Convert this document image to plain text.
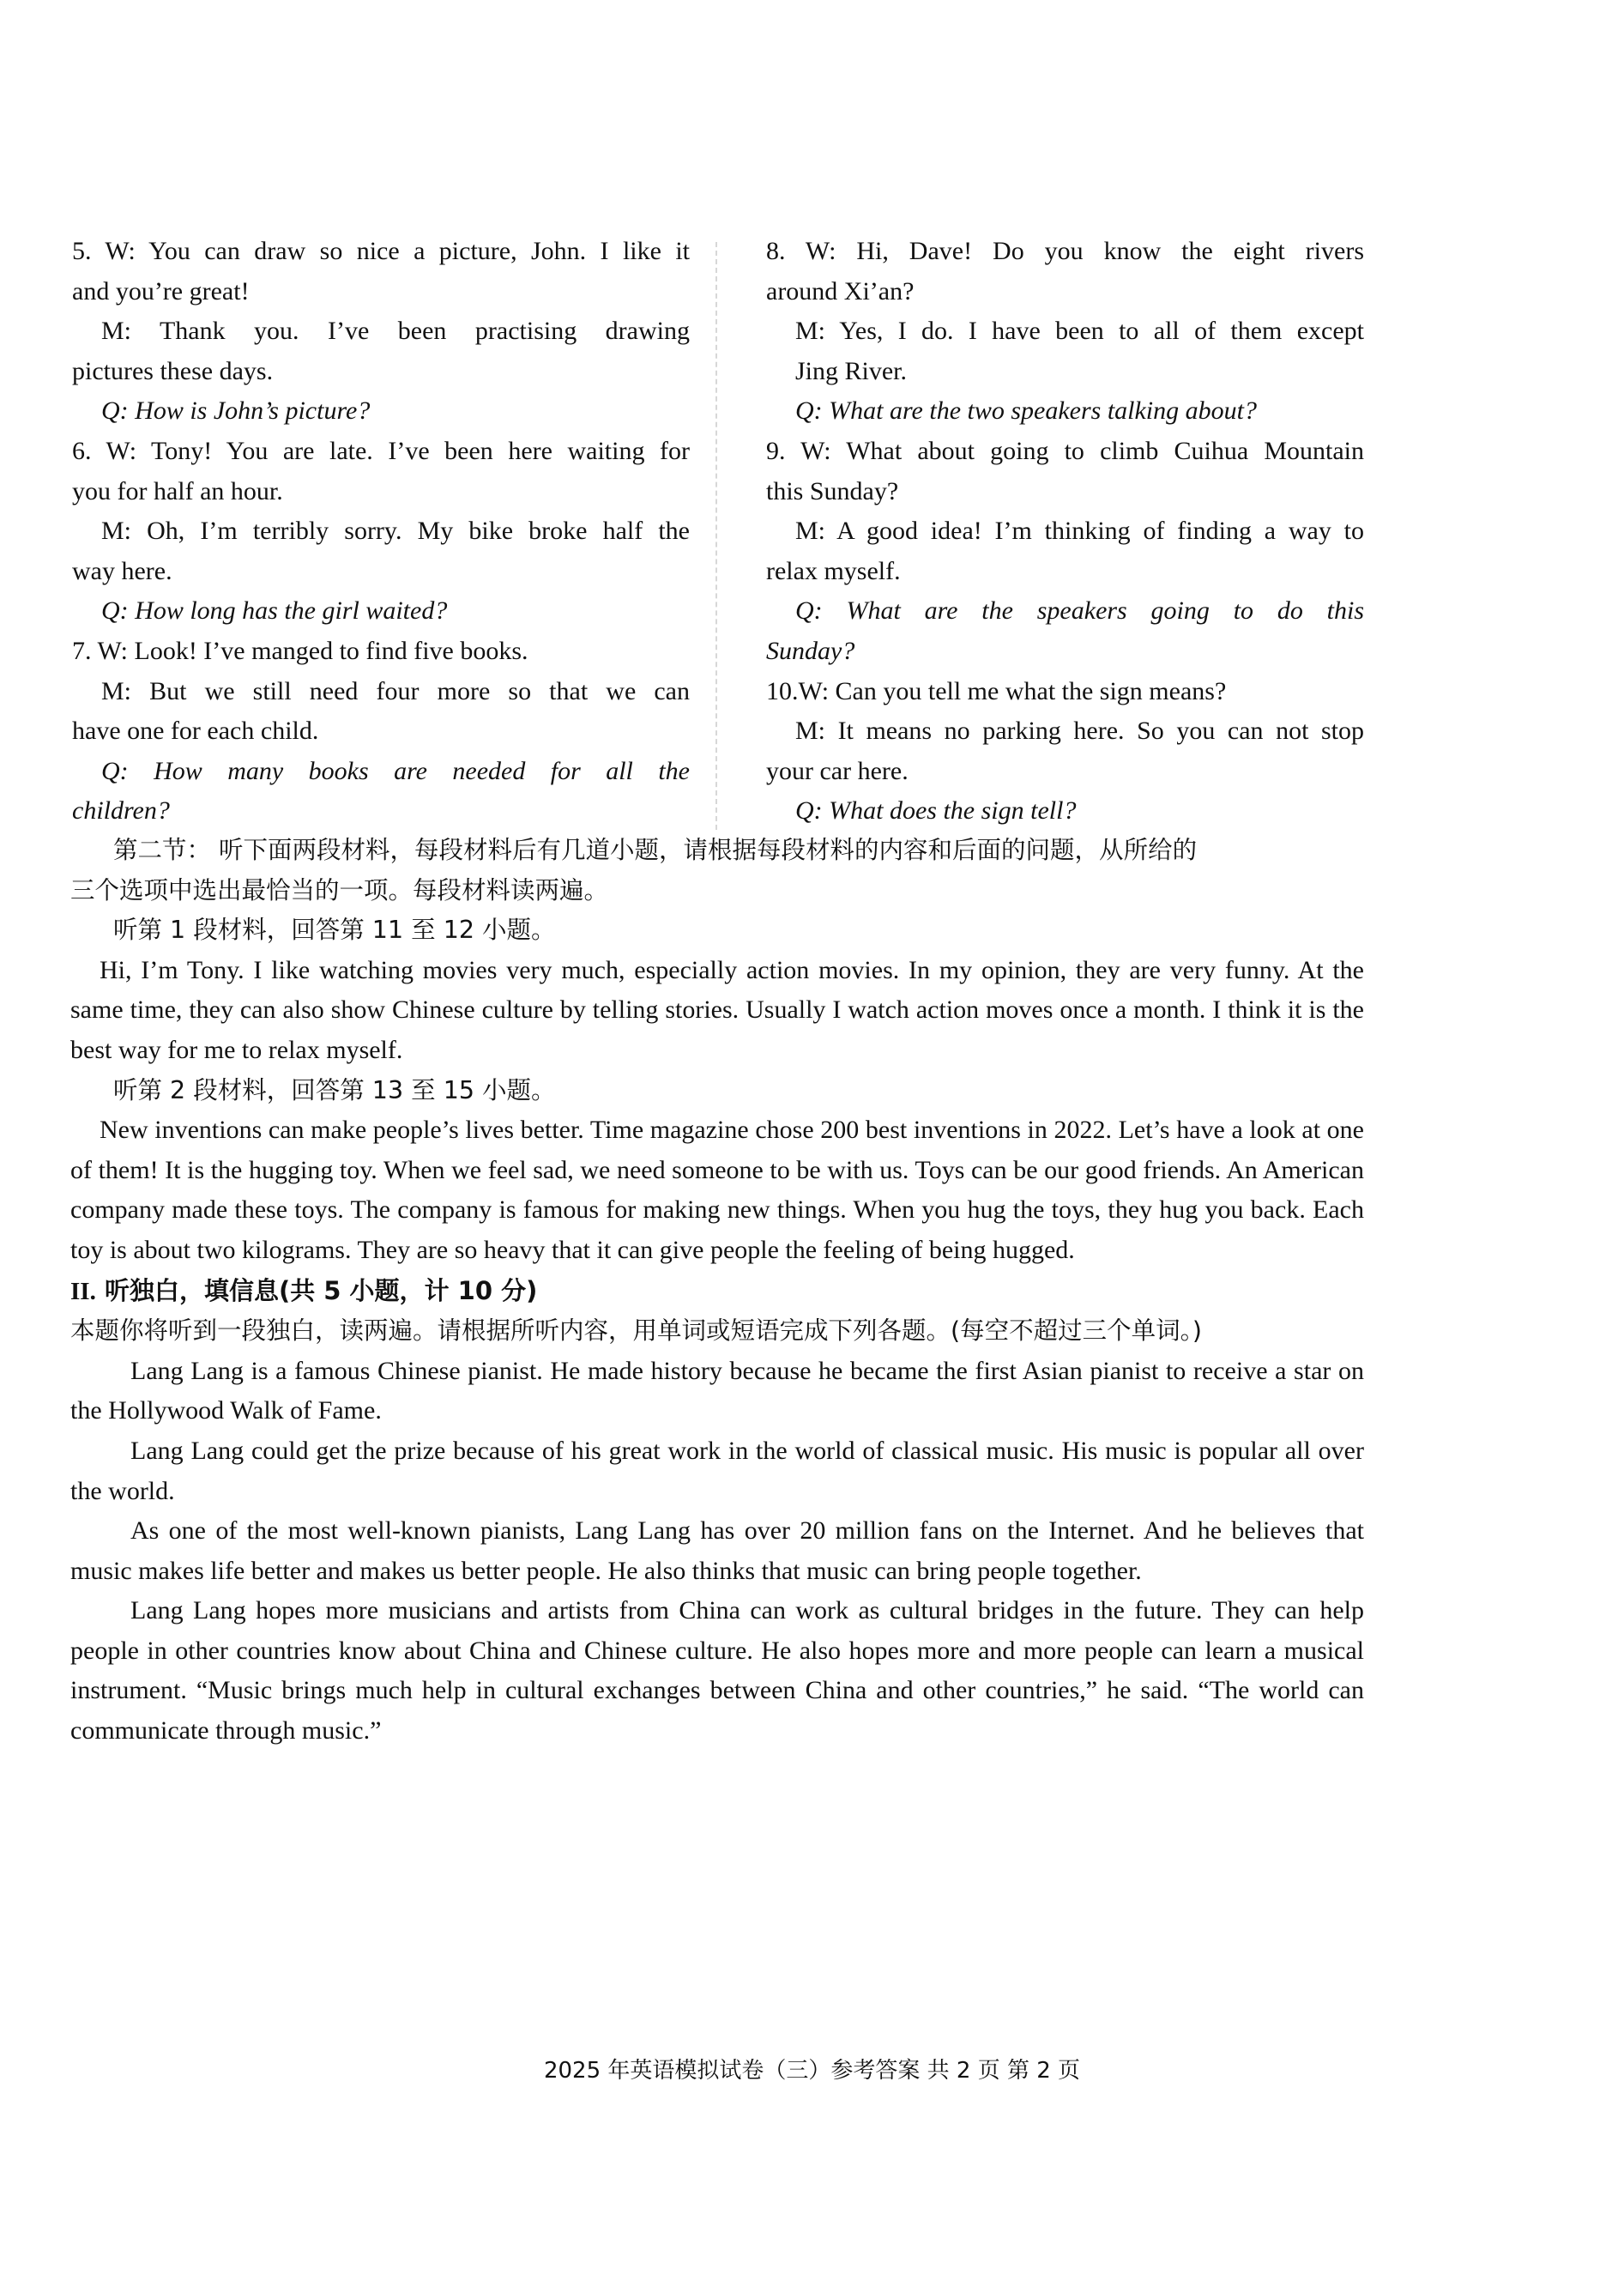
5. W: You can draw so nice a picture, John. I like it
and you’re great!
M: Thank you. I’ve been practising drawing
pictures these days.
Q: How is John’s picture?
6. W: Tony! You are late. I’ve been here waiting for
you for half an hour.
M: Oh, I’m terribly sorry. My bike broke half the
way here.
Q: How long has the girl waited?
7. W: Look! I’ve manged to find five books.
M: But we still need four more so that we can
have one for each child.
Q: How many books are needed for all the
children?
8. W: Hi, Dave! Do you know the eight rivers
around Xi’an?
M: Yes, I do. I have been to all of them except
Jing River.
Q: What are the two speakers talking about?
9. W: What about going to climb Cuihua Mountain
this Sunday?
M: A good idea! I’m thinking of finding a way to
relax myself.
Q: What are the speakers going to do this
Sunday?
10.W: Can you tell me what the sign means?
M: It means no parking here. So you can not stop
your car here.
Q: What does the sign tell?
第二节： 听下面两段材料，每段材料后有几道小题，请根据每段材料的内容和后面的问题，从所给的
三个选项中选出最恰当的一项。每段材料读两遍。
听第 1 段材料，回答第 11 至 12 小题。

Hi, I’m Tony. I like watching movies very much, especially action movies. In my opinion, they are very funny. At the same time, they can also show Chinese culture by telling stories. Usually I watch action moves once a month. I think it is the best way for me to relax myself.

听第 2 段材料，回答第 13 至 15 小题。

New inventions can make people’s lives better. Time magazine chose 200 best inventions in 2022. Let’s have a look at one of them! It is the hugging toy. When we feel sad, we need someone to be with us. Toys can be our good friends. An American company made these toys. The company is famous for making new things. When you hug the toys, they hug you back. Each toy is about two kilograms. They are so heavy that it can give people the feeling of being hugged.

II. 听独白，填信息(共 5 小题，计 10 分)
本题你将听到一段独白，读两遍。请根据所听内容，用单词或短语完成下列各题。(每空不超过三个单词。)

Lang Lang is a famous Chinese pianist. He made history because he became the first Asian pianist to receive a star on the Hollywood Walk of Fame.

Lang Lang could get the prize because of his great work in the world of classical music. His music is popular all over the world.

As one of the most well-known pianists, Lang Lang has over 20 million fans on the Internet. And he believes that music makes life better and makes us better people. He also thinks that music can bring people together.

Lang Lang hopes more musicians and artists from China can work as cultural bridges in the future. They can help people in other countries know about China and Chinese culture. He also hopes more and more people can learn a musical instrument. “Music brings much help in cultural exchanges between China and other countries,” he said. “The world can communicate through music.”

2025 年英语模拟试卷（三）参考答案 共 2 页 第 2 页
